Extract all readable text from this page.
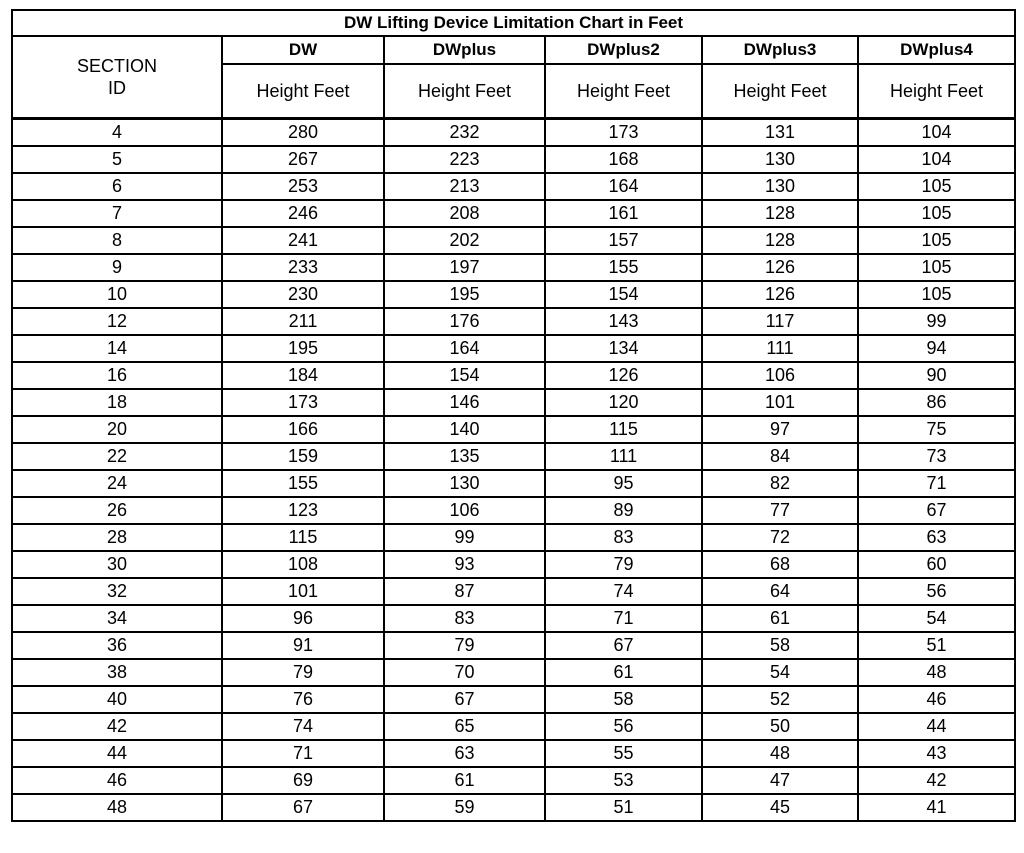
DW Lifting Device Limitation Chart in Feet					
SECTION
ID	DW	DWplus	DWplus2	DWplus3	DWplus4
	Height Feet	Height Feet	Height Feet	Height Feet	Height Feet
4	280	232	173	131	104
5	267	223	168	130	104
6	253	213	164	130	105
7	246	208	161	128	105
8	241	202	157	128	105
9	233	197	155	126	105
10	230	195	154	126	105
12	211	176	143	117	99
14	195	164	134	111	94
16	184	154	126	106	90
18	173	146	120	101	86
20	166	140	115	97	75
22	159	135	111	84	73
24	155	130	95	82	71
26	123	106	89	77	67
28	115	99	83	72	63
30	108	93	79	68	60
32	101	87	74	64	56
34	96	83	71	61	54
36	91	79	67	58	51
38	79	70	61	54	48
40	76	67	58	52	46
42	74	65	56	50	44
44	71	63	55	48	43
46	69	61	53	47	42
48	67	59	51	45	41
